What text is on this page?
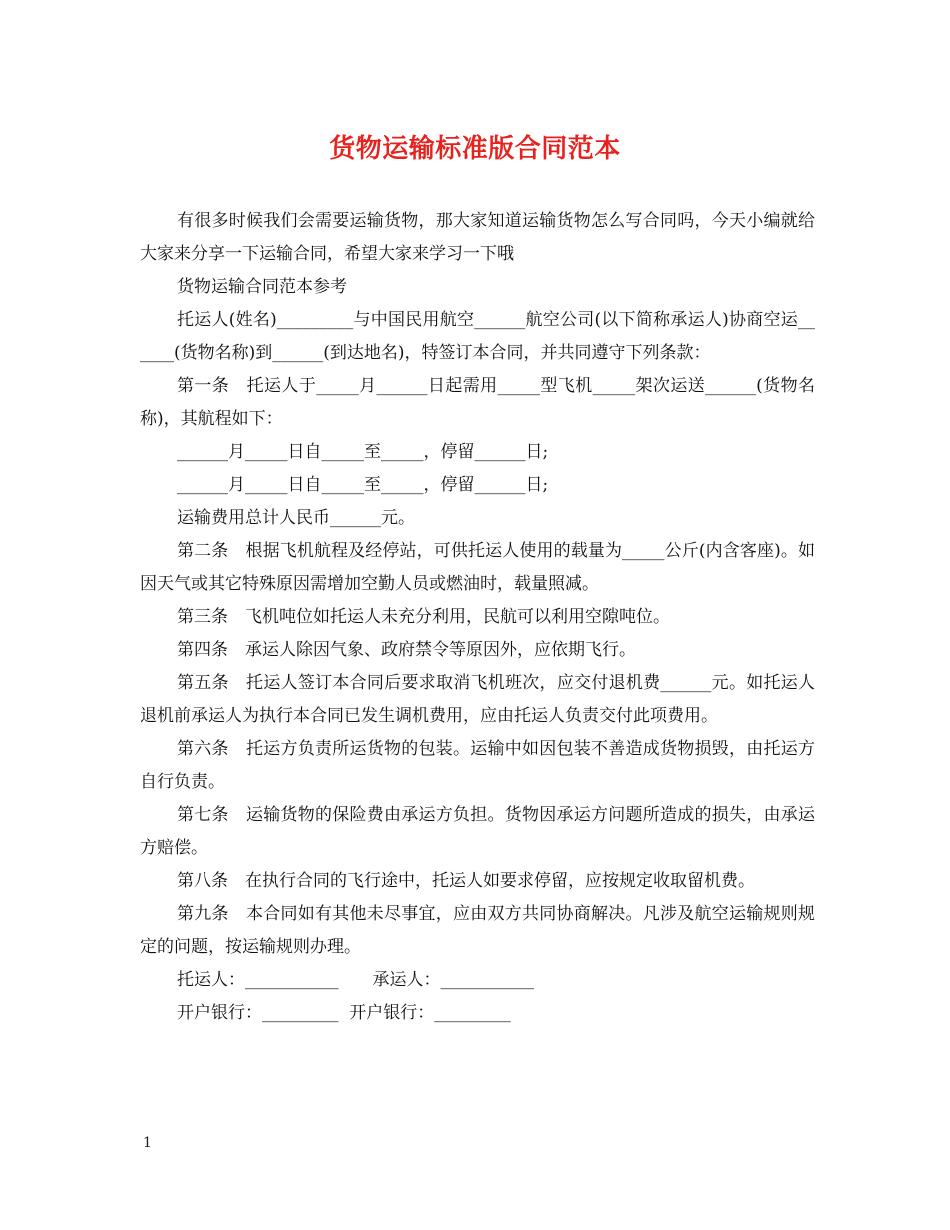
货物运输标准版合同范本

有很多时候我们会需要运输货物，那大家知道运输货物怎么写合同吗，今天小编就给大家来分享一下运输合同，希望大家来学习一下哦

货物运输合同范本参考

托运人(姓名)_________与中国民用航空______航空公司(以下简称承运人)协商空运______(货物名称)到______(到达地名)，特签订本合同，并共同遵守下列条款：

第一条　托运人于_____月______日起需用_____型飞机_____架次运送______(货物名称)，其航程如下：

______月_____日自_____至_____，停留______日;

______月_____日自_____至_____，停留______日;

运输费用总计人民币______元。

第二条　根据飞机航程及经停站，可供托运人使用的载量为_____公斤(内含客座)。如因天气或其它特殊原因需增加空勤人员或燃油时，载量照减。

第三条　飞机吨位如托运人未充分利用，民航可以利用空隙吨位。

第四条　承运人除因气象、政府禁令等原因外，应依期飞行。

第五条　托运人签订本合同后要求取消飞机班次，应交付退机费______元。如托运人退机前承运人为执行本合同已发生调机费用，应由托运人负责交付此项费用。

第六条　托运方负责所运货物的包装。运输中如因包装不善造成货物损毁，由托运方自行负责。

第七条　运输货物的保险费由承运方负担。货物因承运方问题所造成的损失，由承运方赔偿。

第八条　在执行合同的飞行途中，托运人如要求停留，应按规定收取留机费。

第九条　本合同如有其他未尽事宜，应由双方共同协商解决。凡涉及航空运输规则规定的问题，按运输规则办理。

托运人：___________　　承运人：___________

开户银行：_________  开户银行：_________

1
